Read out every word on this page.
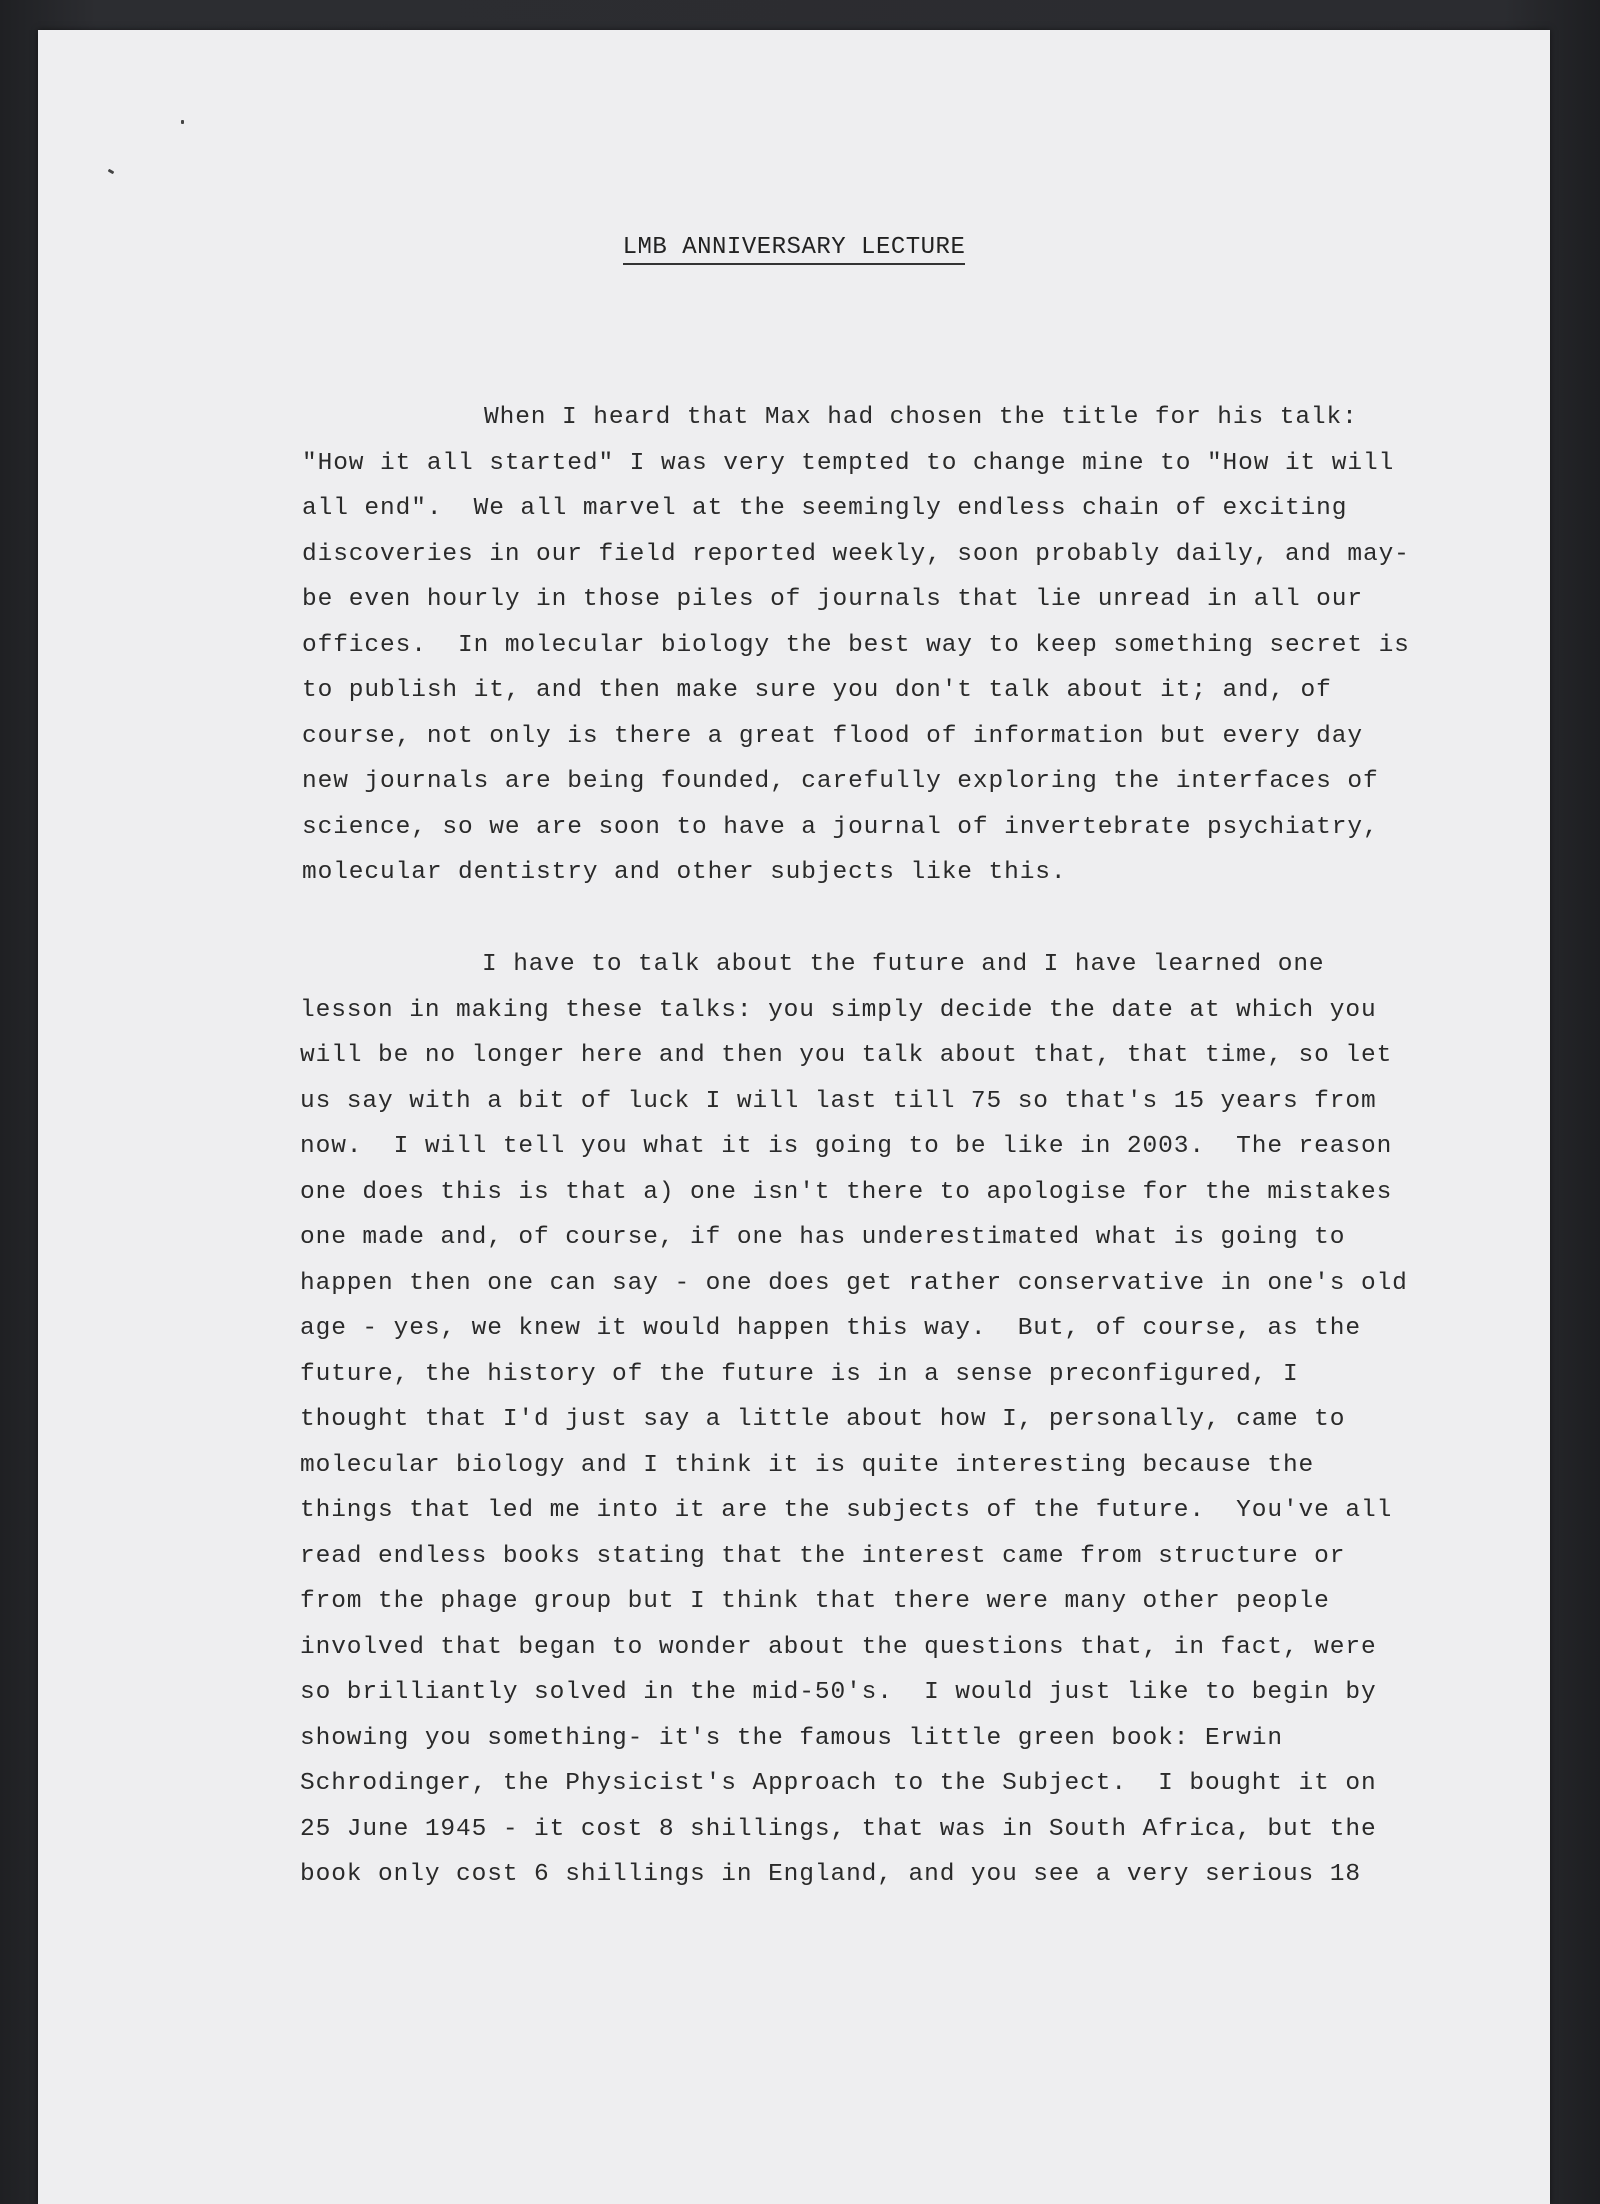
LMB ANNIVERSARY LECTURE
When I heard that Max had chosen the title for his talk:
"How it all started" I was very tempted to change mine to "How it will
all end".  We all marvel at the seemingly endless chain of exciting
discoveries in our field reported weekly, soon probably daily, and may-
be even hourly in those piles of journals that lie unread in all our
offices.  In molecular biology the best way to keep something secret is
to publish it, and then make sure you don't talk about it; and, of
course, not only is there a great flood of information but every day
new journals are being founded, carefully exploring the interfaces of
science, so we are soon to have a journal of invertebrate psychiatry,
molecular dentistry and other subjects like this.
I have to talk about the future and I have learned one
lesson in making these talks: you simply decide the date at which you
will be no longer here and then you talk about that, that time, so let
us say with a bit of luck I will last till 75 so that's 15 years from
now.  I will tell you what it is going to be like in 2003.  The reason
one does this is that a) one isn't there to apologise for the mistakes
one made and, of course, if one has underestimated what is going to
happen then one can say - one does get rather conservative in one's old
age - yes, we knew it would happen this way.  But, of course, as the
future, the history of the future is in a sense preconfigured, I
thought that I'd just say a little about how I, personally, came to
molecular biology and I think it is quite interesting because the
things that led me into it are the subjects of the future.  You've all
read endless books stating that the interest came from structure or
from the phage group but I think that there were many other people
involved that began to wonder about the questions that, in fact, were
so brilliantly solved in the mid-50's.  I would just like to begin by
showing you something- it's the famous little green book: Erwin
Schrodinger, the Physicist's Approach to the Subject.  I bought it on
25 June 1945 - it cost 8 shillings, that was in South Africa, but the
book only cost 6 shillings in England, and you see a very serious 18
